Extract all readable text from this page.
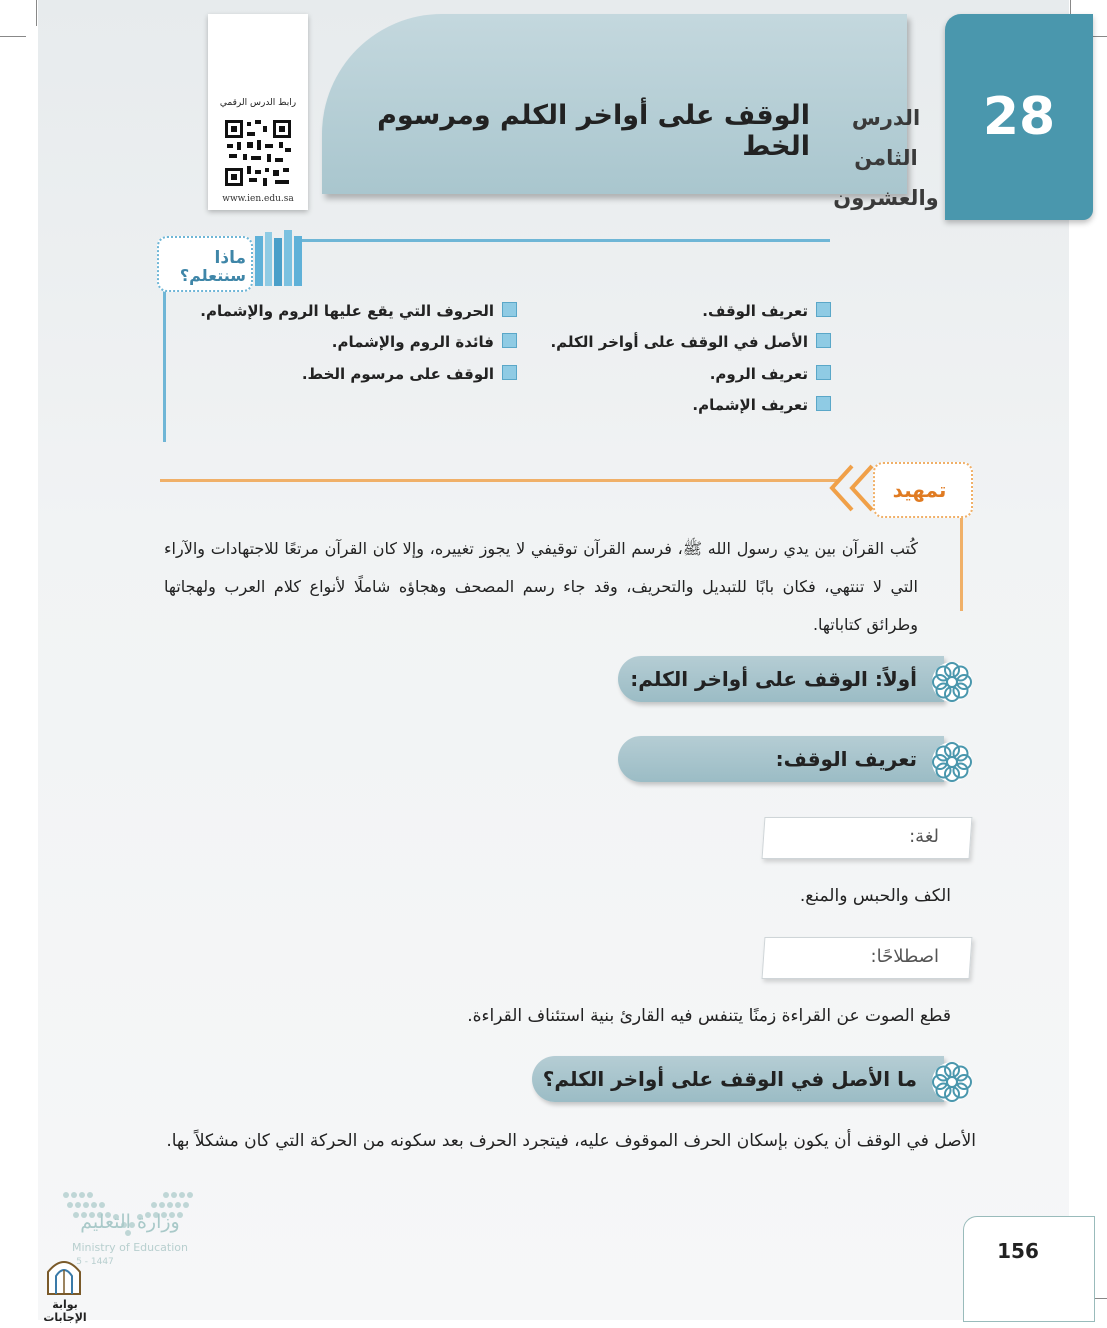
الوقف على أواخر الكلم ومرسوم الخط	28
الدرس الثامن
والعشرون
رابط الدرس الرقمي
www.ien.edu.sa
ماذا
سنتعلم؟
تعريف الوقف.
الأصل في الوقف على أواخر الكلم.
تعريف الروم.
تعريف الإشمام.
الحروف التي يقع عليها الروم والإشمام.
فائدة الروم والإشمام.
الوقف على مرسوم الخط.
تمهيد
كُتب القرآن بين يدي رسول الله ﷺ، فرسم القرآن توقيفي لا يجوز تغييره، وإلا كان القرآن مرتعًا للاجتهادات والآراء التي لا تنتهي، فكان بابًا للتبديل والتحريف، وقد جاء رسم المصحف وهجاؤه شاملًا لأنواع كلام العرب ولهجاتها وطرائق كتاباتها.
أولاً: الوقف على أواخر الكلم:
تعريف الوقف:
لغة:
الكف والحبس والمنع.
اصطلاحًا:
قطع الصوت عن القراءة زمنًا يتنفس فيه القارئ بنية استئناف القراءة.
ما الأصل في الوقف على أواخر الكلم؟
الأصل في الوقف أن يكون بإسكان الحرف الموقوف عليه، فيتجرد الحرف بعد سكونه من الحركة التي كان مشكلاً بها.
وزارة التعليم
Ministry of Education
5 - 1447
بوابة الإجابات
156
